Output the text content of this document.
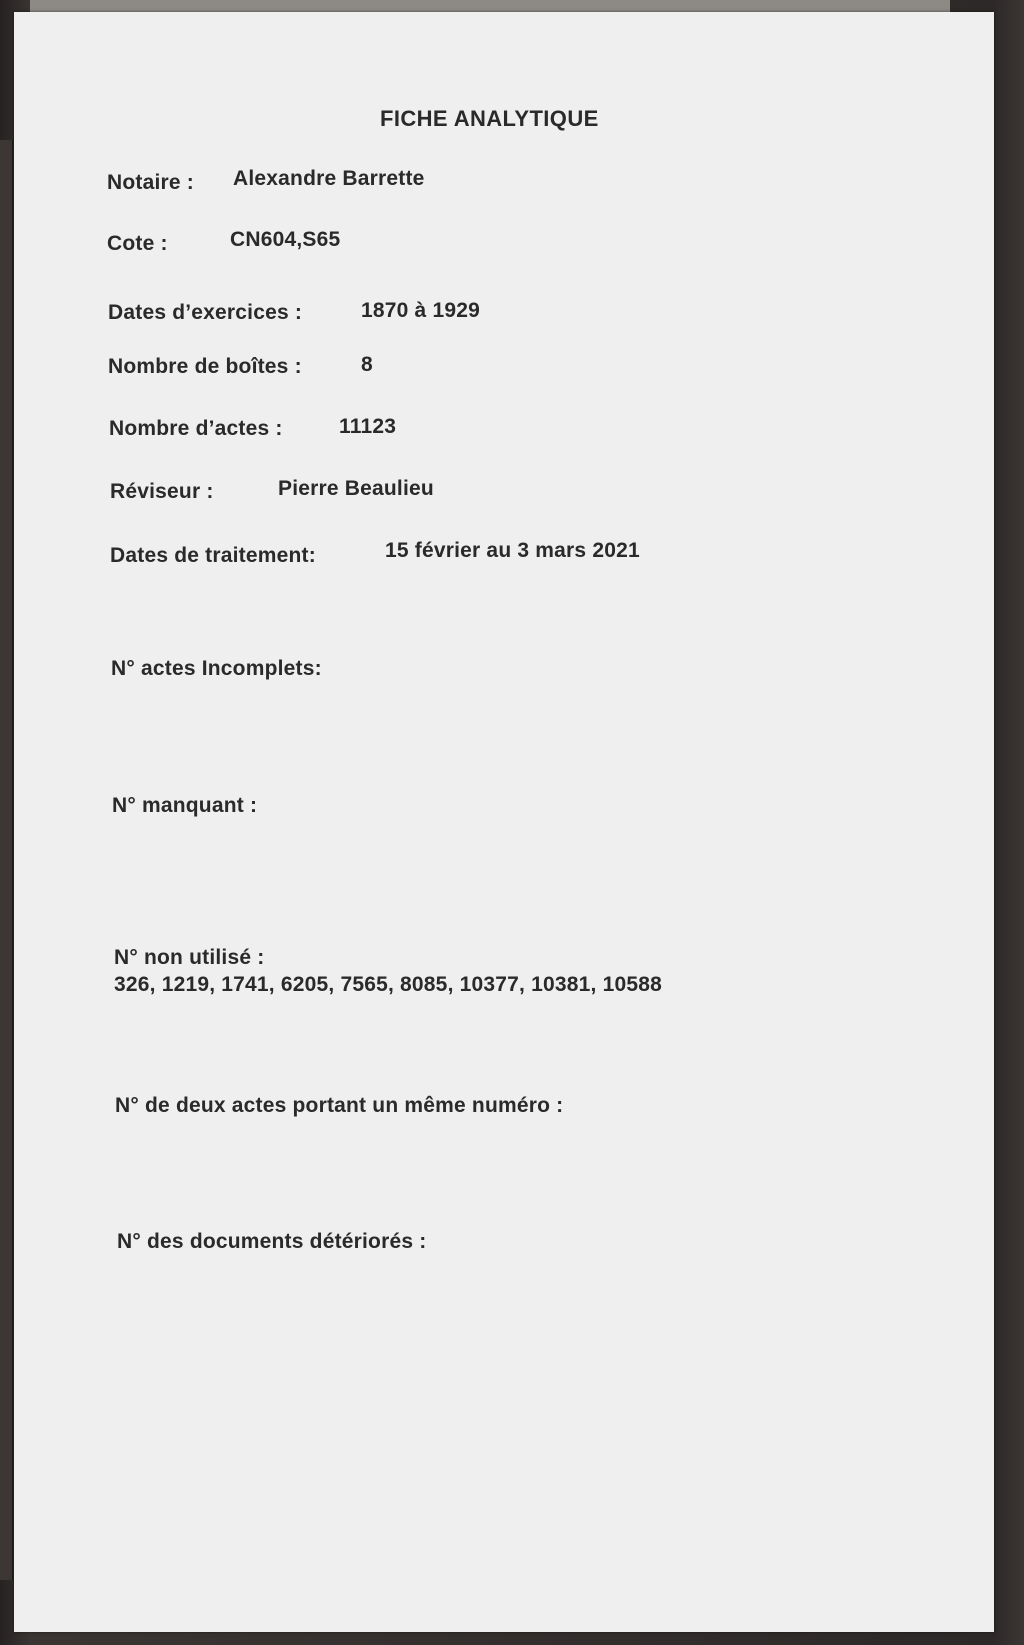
FICHE ANALYTIQUE
Notaire : Alexandre Barrette
Cote :	CN604,S65
Dates d’exercices :	1870 à 1929
Nombre de boîtes :	8
Nombre d’actes :	11123
Réviseur :	Pierre Beaulieu
Dates de traitement:	15 février au 3 mars 2021
N° actes Incomplets:
N° manquant :
N° non utilisé :
326, 1219, 1741, 6205, 7565, 8085, 10377, 10381, 10588
N° de deux actes portant un même numéro :
N° des documents détériorés :
